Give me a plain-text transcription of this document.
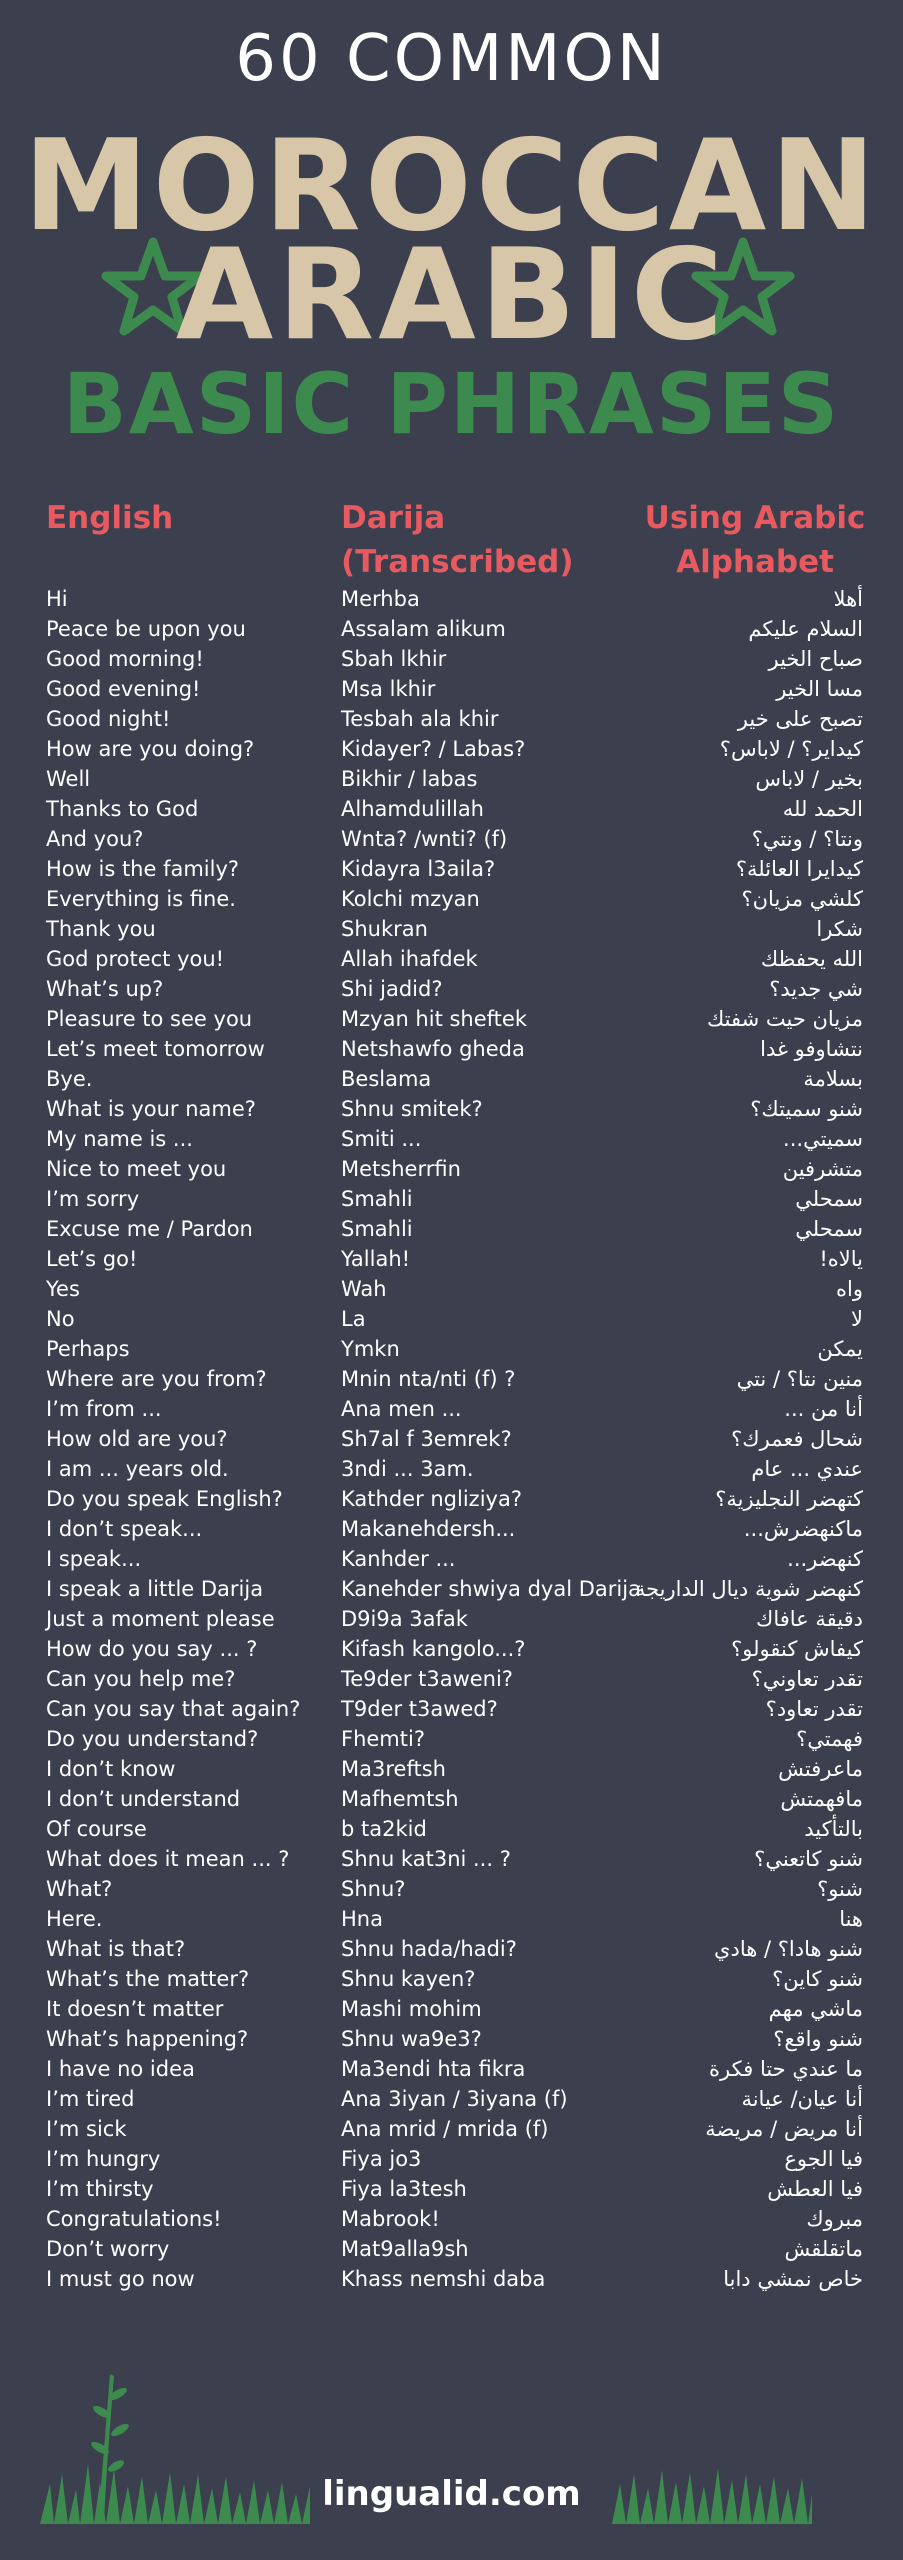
60 COMMON
MOROCCAN
ARABIC
BASIC PHRASES
English	Darija
(Transcribed)
Using Arabic
Alphabet
Hi
Peace be upon you
Good morning!
Good evening!
Good night!
How are you doing?
Well
Thanks to God
And you?
How is the family?
Everything is fine.
Thank you
God protect you!
What’s up?
Pleasure to see you
Let’s meet tomorrow
Bye.
What is your name?
My name is ...
Nice to meet you
I’m sorry
Excuse me / Pardon
Let’s go!
Yes
No
Perhaps
Where are you from?
I’m from ...
How old are you?
I am ... years old.
Do you speak English?
I don’t speak...
I speak...
I speak a little Darija
Just a moment please
How do you say ... ?
Can you help me?
Can you say that again?
Do you understand?
I don’t know
I don’t understand
Of course
What does it mean ... ?
What?
Here.
What is that?
What’s the matter?
It doesn’t matter
What’s happening?
I have no idea
I’m tired
I’m sick
I’m hungry
I’m thirsty
Congratulations!
Don’t worry
I must go now
Merhba
Assalam alikum
Sbah lkhir
Msa lkhir
Tesbah ala khir
Kidayer? / Labas?
Bikhir / labas
Alhamdulillah
Wnta? /wnti? (f)
Kidayra l3aila?
Kolchi mzyan
Shukran
Allah ihafdek
Shi jadid?
Mzyan hit sheftek
Netshawfo gheda
Beslama
Shnu smitek?
Smiti ...
Metsherrfin
Smahli
Smahli
Yallah!
Wah
La
Ymkn
Mnin nta/nti (f) ?
Ana men ...
Sh7al f 3emrek?
3ndi ... 3am.
Kathder ngliziya?
Makanehdersh...
Kanhder ...
Kanehder shwiya dyal Darija
D9i9a 3afak
Kifash kangolo...?
Te9der t3aweni?
T9der t3awed?
Fhemti?
Ma3reftsh
Mafhemtsh
b ta2kid
Shnu kat3ni ... ?
Shnu?
Hna
Shnu hada/hadi?
Shnu kayen?
Mashi mohim
Shnu wa9e3?
Ma3endi hta fikra
Ana 3iyan / 3iyana (f)
Ana mrid / mrida (f)
Fiya jo3
Fiya la3tesh
Mabrook!
Mat9alla9sh
Khass nemshi daba
أهلا
السلام عليكم
صباح الخير
مسا الخير
تصبح على خير
كيداير؟ / لاباس؟
بخير / لاباس
الحمد لله
ونتا؟ / ونتي؟
كيدايرا العائلة؟
كلشي مزيان؟
شكرا
الله يحفظك
شي جديد؟
مزيان حيت شفتك
نتشاوفو غدا
بسلامة
شنو سميتك؟
سميتي...
متشرفين
سمحلي
سمحلي
يالاه!
واه
لا
يمكن
منين نتا؟ / نتي
أنا من ...
شحال فعمرك؟
عندي ... عام
كتهضر النجليزية؟
ماكنهضرش...
كنهضر...
كنهضر شوية ديال الداريجة
دقيقة عافاك
كيفاش كنقولو؟
تقدر تعاوني؟
تقدر تعاود؟
فهمتي؟
ماعرفتش
مافهمتش
بالتأكيد
شنو كاتعني؟
شنو؟
هنا
شنو هادا؟ / هادي
شنو كاين؟
ماشي مهم
شنو واقع؟
ما عندي حتا فكرة
أنا عيان/ عيانة
أنا مريض / مريضة
فيا الجوع
فيا العطش
مبروك
ماتقلقش
خاص نمشي دابا
lingualid.com
